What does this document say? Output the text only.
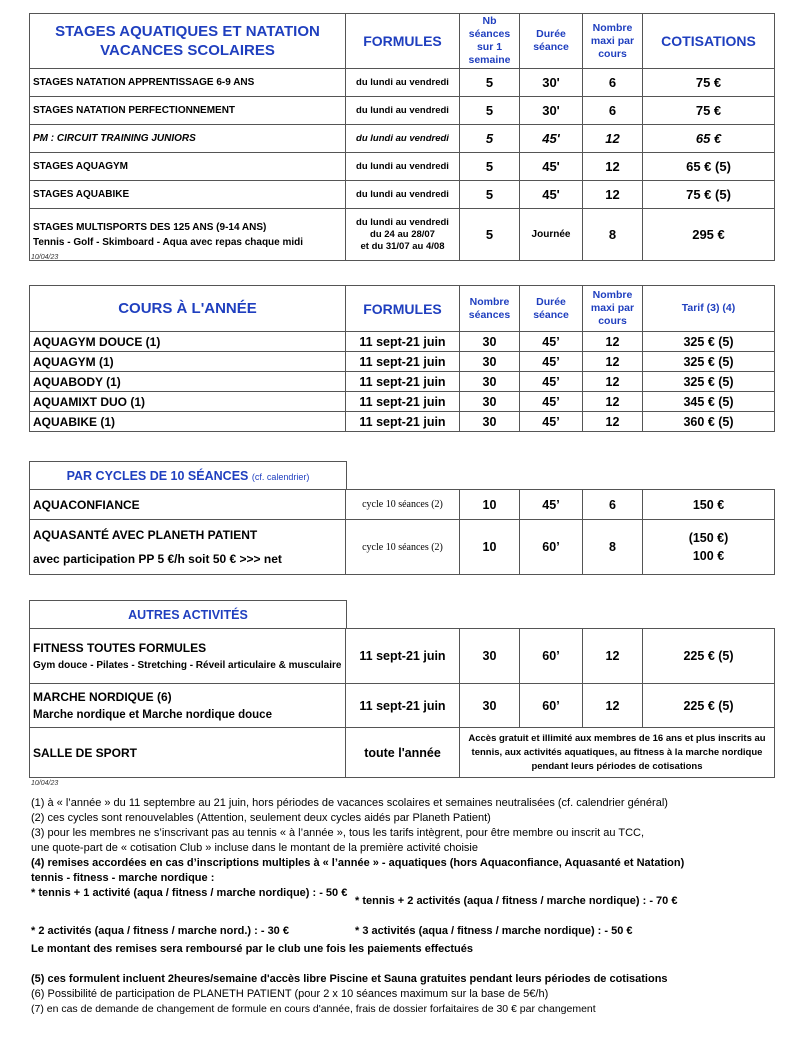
STAGES AQUATIQUES ET NATATION VACANCES SCOLAIRES	FORMULES	Nb séances sur 1 semaine	Durée séance	Nombre maxi par cours	COTISATIONS
STAGES NATATION APPRENTISSAGE 6-9 ANS	du lundi au vendredi	5	30'	6	75 €
STAGES NATATION PERFECTIONNEMENT	du lundi au vendredi	5	30'	6	75 €
PM : CIRCUIT TRAINING JUNIORS	du lundi au vendredi	5	45'	12	65 €
STAGES AQUAGYM	du lundi au vendredi	5	45'	12	65 € (5)
STAGES AQUABIKE	du lundi au vendredi	5	45'	12	75 € (5)
STAGES MULTISPORTS DES 125 ANS (9-14 ANS)
Tennis - Golf - Skimboard - Aqua avec repas chaque midi	du lundi au vendredi
du 24 au 28/07
et du 31/07 au 4/08	5	Journée	8	295 €
10/04/23
COURS À L'ANNÉE	FORMULES	Nombre séances	Durée séance	Nombre maxi par cours	Tarif (3) (4)
AQUAGYM DOUCE (1)	11 sept-21 juin	30	45’	12	325 € (5)
AQUAGYM (1)	11 sept-21 juin	30	45’	12	325 € (5)
AQUABODY (1)	11 sept-21 juin	30	45’	12	325 € (5)
AQUAMIXT DUO (1)	11 sept-21 juin	30	45’	12	345 € (5)
AQUABIKE (1)	11 sept-21 juin	30	45’	12	360 € (5)
PAR CYCLES DE 10 SÉANCES (cf. calendrier)
AQUACONFIANCE	cycle 10 séances (2)	10	45’	6	150 €
AQUASANTÉ AVEC PLANETH PATIENT
avec participation PP 5 €/h soit 50 € >>> net	cycle 10 séances (2)	10	60’	8	(150 €)
100 €
AUTRES ACTIVITÉS
FITNESS TOUTES FORMULES
Gym douce - Pilates - Stretching - Réveil articulaire & musculaire	11 sept-21 juin	30	60’	12	225 € (5)
MARCHE NORDIQUE (6)
Marche nordique et Marche nordique douce	11 sept-21 juin	30	60’	12	225 € (5)
SALLE DE SPORT	toute l'année	Accès gratuit et illimité aux membres de 16 ans et plus inscrits au tennis, aux activités aquatiques, au fitness à la marche nordique pendant leurs périodes de cotisations			
10/04/23

(1) à « l’année » du 11 septembre au 21 juin, hors périodes de vacances scolaires et semaines neutralisées (cf. calendrier général)

(2) ces cycles sont renouvelables (Attention, seulement deux cycles aidés par Planeth Patient)

(3) pour les membres ne s’inscrivant pas au tennis « à l’année », tous les tarifs intègrent, pour être membre ou inscrit au TCC,

une quote-part de « cotisation Club » incluse dans le montant de la première activité choisie

(4) remises accordées en cas d’inscriptions multiples à « l’année » - aquatiques (hors Aquaconfiance, Aquasanté et Natation)

tennis - fitness - marche nordique :

* tennis + 1 activité (aqua / fitness / marche nordique) : - 50 €
* tennis + 2 activités (aqua / fitness / marche nordique) : - 70 €
* 2 activités (aqua / fitness / marche nord.) : - 30 €	* 3 activités (aqua / fitness / marche nordique) : - 50 €

Le montant des remises sera remboursé par le club une fois les paiements effectués

(5) ces formulent incluent 2heures/semaine d'accès libre Piscine et Sauna gratuites pendant leurs périodes de cotisations

(6) Possibilité de participation de PLANETH PATIENT (pour 2 x 10 séances maximum sur la base de 5€/h)

(7) en cas de demande de changement de formule en cours d'année, frais de dossier forfaitaires de 30 € par changement
